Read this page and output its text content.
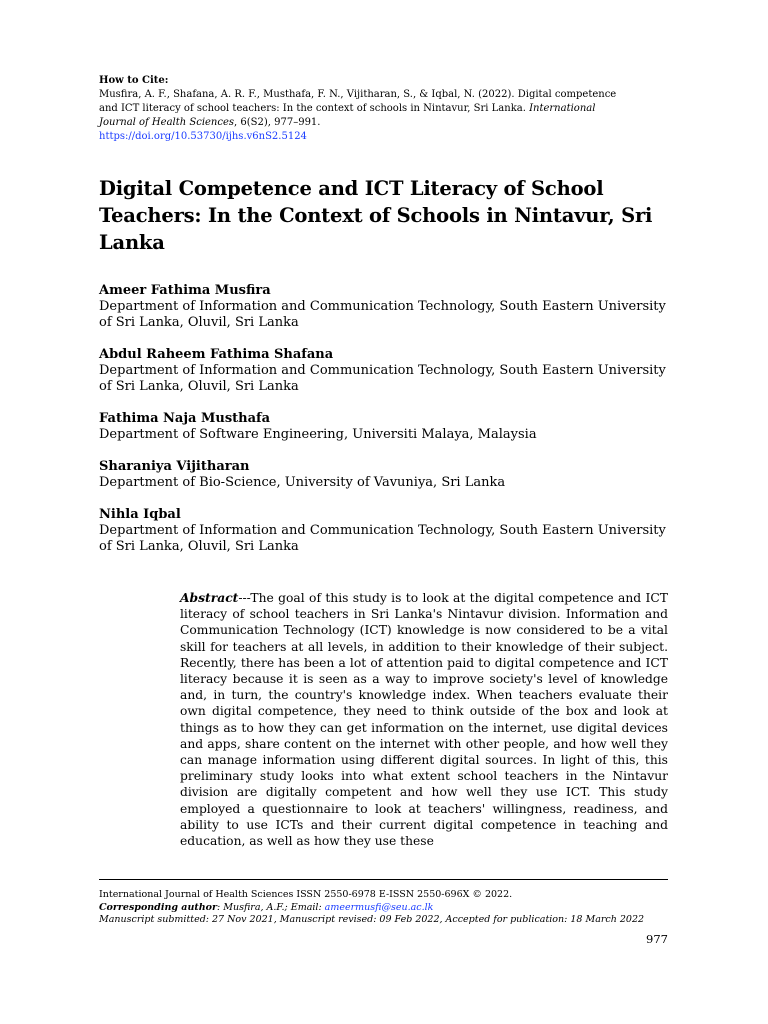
How to Cite:
Musfira, A. F., Shafana, A. R. F., Musthafa, F. N., Vijitharan, S., & Iqbal, N. (2022). Digital competence and ICT literacy of school teachers: In the context of schools in Nintavur, Sri Lanka. International Journal of Health Sciences, 6(S2), 977–991.
https://doi.org/10.53730/ijhs.v6nS2.5124
Digital Competence and ICT Literacy of School Teachers: In the Context of Schools in Nintavur, Sri Lanka
Ameer Fathima Musfira
Department of Information and Communication Technology, South Eastern University of Sri Lanka, Oluvil, Sri Lanka
Abdul Raheem Fathima Shafana
Department of Information and Communication Technology, South Eastern University of Sri Lanka, Oluvil, Sri Lanka
Fathima Naja Musthafa
Department of Software Engineering, Universiti Malaya, Malaysia
Sharaniya Vijitharan
Department of Bio-Science, University of Vavuniya, Sri Lanka
Nihla Iqbal
Department of Information and Communication Technology, South Eastern University of Sri Lanka, Oluvil, Sri Lanka
Abstract---The goal of this study is to look at the digital competence and ICT literacy of school teachers in Sri Lanka's Nintavur division. Information and Communication Technology (ICT) knowledge is now considered to be a vital skill for teachers at all levels, in addition to their knowledge of their subject. Recently, there has been a lot of attention paid to digital competence and ICT literacy because it is seen as a way to improve society's level of knowledge and, in turn, the country's knowledge index. When teachers evaluate their own digital competence, they need to think outside of the box and look at things as to how they can get information on the internet, use digital devices and apps, share content on the internet with other people, and how well they can manage information using different digital sources. In light of this, this preliminary study looks into what extent school teachers in the Nintavur division are digitally competent and how well they use ICT. This study employed a questionnaire to look at teachers' willingness, readiness, and ability to use ICTs and their current digital competence in teaching and education, as well as how they use these
International Journal of Health Sciences ISSN 2550-6978 E-ISSN 2550-696X © 2022.
Corresponding author: Musfira, A.F.; Email: ameermusfi@seu.ac.lk
Manuscript submitted: 27 Nov 2021, Manuscript revised: 09 Feb 2022, Accepted for publication: 18 March 2022
977
